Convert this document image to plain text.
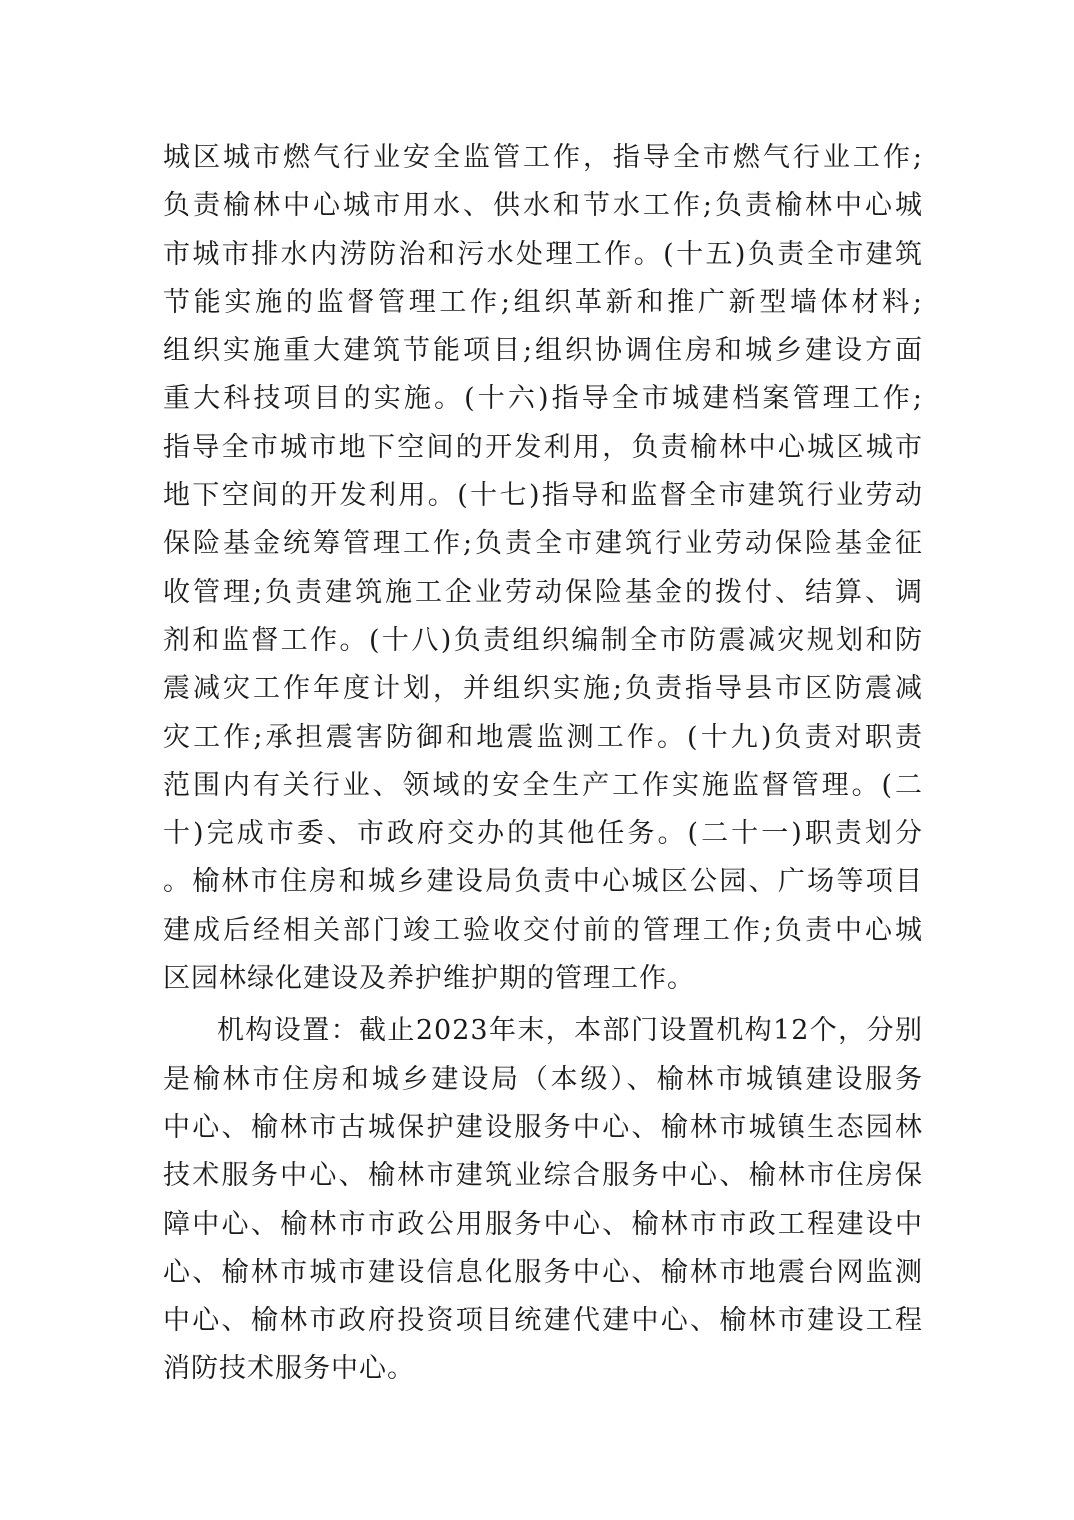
城区城市燃气行业安全监管工作，指导全市燃气行业工作;
负责榆林中心城市用水、供水和节水工作;负责榆林中心城
市城市排水内涝防治和污水处理工作。(十五)负责全市建筑
节能实施的监督管理工作;组织革新和推广新型墙体材料;
组织实施重大建筑节能项目;组织协调住房和城乡建设方面
重大科技项目的实施。(十六)指导全市城建档案管理工作;
指导全市城市地下空间的开发利用，负责榆林中心城区城市
地下空间的开发利用。(十七)指导和监督全市建筑行业劳动
保险基金统筹管理工作;负责全市建筑行业劳动保险基金征
收管理;负责建筑施工企业劳动保险基金的拨付、结算、调
剂和监督工作。(十八)负责组织编制全市防震减灾规划和防
震减灾工作年度计划，并组织实施;负责指导县市区防震减
灾工作;承担震害防御和地震监测工作。(十九)负责对职责
范围内有关行业、领域的安全生产工作实施监督管理。(二
十)完成市委、市政府交办的其他任务。(二十一)职责划分
。榆林市住房和城乡建设局负责中心城区公园、广场等项目
建成后经相关部门竣工验收交付前的管理工作;负责中心城
区园林绿化建设及养护维护期的管理工作。
机构设置：截止2023年末，本部门设置机构12个，分别
是榆林市住房和城乡建设局（本级）、榆林市城镇建设服务
中心、榆林市古城保护建设服务中心、榆林市城镇生态园林
技术服务中心、榆林市建筑业综合服务中心、榆林市住房保
障中心、榆林市市政公用服务中心、榆林市市政工程建设中
心、榆林市城市建设信息化服务中心、榆林市地震台网监测
中心、榆林市政府投资项目统建代建中心、榆林市建设工程
消防技术服务中心。
